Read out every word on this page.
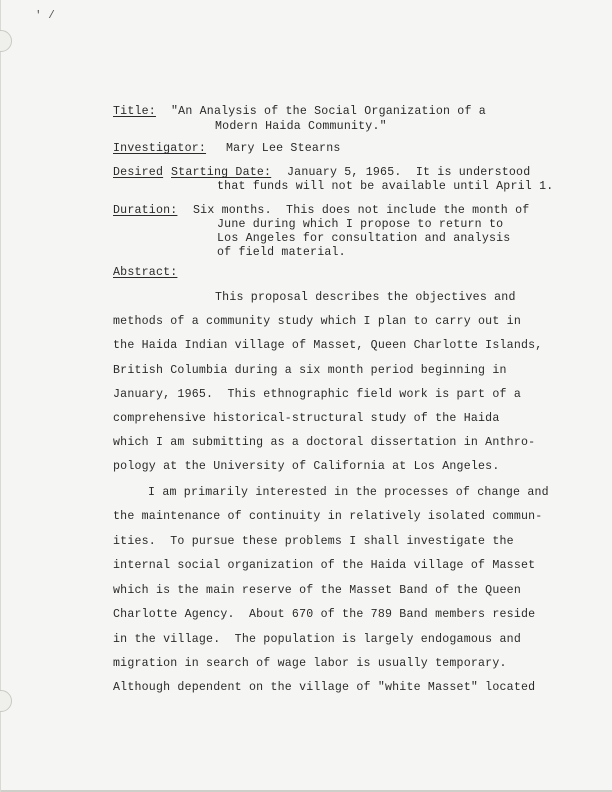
′ /
Title: "An Analysis of the Social Organization of a
Modern Haida Community."
Investigator: Mary Lee Stearns
Desired Starting Date: January 5, 1965.  It is understood
that funds will not be available until April 1.
Duration: Six months.  This does not include the month of
June during which I propose to return to
Los Angeles for consultation and analysis
of field material.
Abstract:
This proposal describes the objectives and
methods of a community study which I plan to carry out in
the Haida Indian village of Masset, Queen Charlotte Islands,
British Columbia during a six month period beginning in
January, 1965.  This ethnographic field work is part of a
comprehensive historical-structural study of the Haida
which I am submitting as a doctoral dissertation in Anthro-
pology at the University of California at Los Angeles.
I am primarily interested in the processes of change and
the maintenance of continuity in relatively isolated commun-
ities.  To pursue these problems I shall investigate the
internal social organization of the Haida village of Masset
which is the main reserve of the Masset Band of the Queen
Charlotte Agency.  About 670 of the 789 Band members reside
in the village.  The population is largely endogamous and
migration in search of wage labor is usually temporary.
Although dependent on the village of "white Masset" located
